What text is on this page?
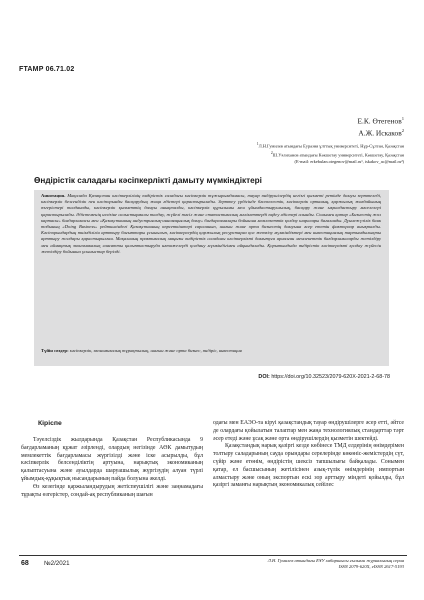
FTAMP 06.71.02
Е.К. Өтегенов$^1$
А.Ж. Искаков$^2$
$^1$Л.Н.Гумилев атындағы Еуразия ұлттық университеті, Нұр-Сұлтан, Қазақстан
$^2$Ш.Уәлиханов атындағы Көкшетау университеті, Көкшетау, Қазақстан
(E-mail: erkebulan.otegenov@mail.ru¹, iskakov_ac@mail.ru²)
Өндірістік саладағы кәсіпкерлікті дамыту мүмкіндіктері
Аннотация. Мақалада Қазақстан кәсіпкерлігінің өндірістік саладағы кәсіпкерлік тұжырымдамасы, тауар өндірушілердің негізгі қызметі ретінде дамуы зерттеледі, кәсіпкерлік белсенділік пен кәсіпорынды басқарудың жаңа әдістері қарастырылады. Зерттеу үрдісінде бәсекелестік, кәсіпкерлік ортаның, қаржылық жағдайының өзгерістері талданады, кәсіпкерлік қызметтің дамуы анықталды, кәсіпкерлік құрылымы мен ұйымдастырушылық, басқару және ықпалдастыру мәселелері қарастырылады. Әдістеменің негізіне салыстырмалы талдау, жүйелі тәсіл және статистикалық мәліметтерді өңдеу әдістері алынды. Сонымен қатар «Бизнестің жол картасы» бағдарламасы мен «Қазақстанның индустриялық-инновациялық даму» бағдарламалары бойынша мемлекеттік қолдау шаралары бағаланды. Дүниежүзілік банк тобының «Doing Business» рейтингіндегі Қазақстанның көрсеткіштері сараланып, шағын және орта бизнестің дамуына әсер ететін факторлар анықталды. Кәсіпорындардың тиімділігін арттыру бағыттары ұсынылып, кәсіпкерлердің қаржылық ресурстарға қол жеткізу мүмкіндіктері мен инвестициялық тартымдылықты арттыру жолдары қарастырылған. Мақаланың практикалық маңызы өндірістік саладағы кәсіпкерлікті дамытуға арналған мемлекеттік бағдарламаларды жетілдіру мен аймақтық экономикалық саясатты қалыптастыруда нәтижелерді қолдану мүмкіндігімен айқындалады. Қорытындыда өндірістік кәсіпкерлікті қолдау жүйесін жетілдіру бойынша ұсыныстар берілді.
Түйін сөздер: кәсіпкерлік, экономикалық тұрақтылық, шағын және орта бизнес, өндіріс, инвестиция
DOI: https://doi.org/10.32523/2079-620X-2021-2-68-78
Кіріспе

Тәуелсіздік жылдарында Қазақстан Республикасында 9 бағдарламаның құжат әзірленді, олардың негізінде АӨК дамытудың мемлекеттік бағдарламасы жүргізілді және іске асырылды, бұл кәсіпкерлік белсенділіктің артуына, нарықтық экономиканың қалыптасуына және ауылдарда шаруашылық жүргізудің алуан түрлі ұйымдық-құқықтық нысандарының пайда болуына әкелді.

Өз кезегінде қаржыландырудың жетіспеушілігі және заңнамадағы тұрақты өзгерістер, сондай-ақ республиканың шағын

одағы мен ЕАЭО-та кіруі қазақстандық тауар өндірушілерге әсер етті, әйтсе де олардағы қойылатын талаптар мен жаңа технологиялық стандарттар тәрт әсер етеді және ұсақ және орта өндірушілердің қызметін шектейді.

Қазақстандық нарық қазіргі кезде көбінесе ТМД елдерінің өнімдерімен толтыру саладарының сауда орындары серелерінде көкөніс-жемістердің сүт, сүйір және етөнім, өндірістің шексіз тапшылығы байқалады. Сонымен қатар, ел басшысының жетілісінен азық-түлік өнімдерінің импортын алмастыру және оның экспортын ескі зор арттыру міндеті қойылды, бұл қазіргі заманғы нарықтың экономикалық сейілес

68 №2/2021	Л.Н. Гумилев атындағы ЕҰУ хабаршысы ғылыми журналының серия
ISSN 2079-620X, eISSN 2617-5193
